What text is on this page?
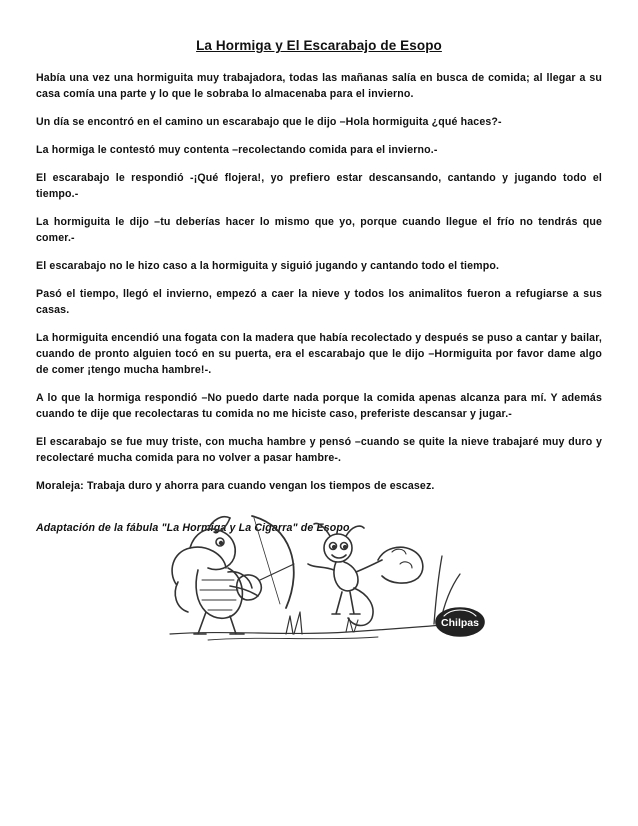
La Hormiga y El Escarabajo de Esopo

Había una vez una hormiguita muy trabajadora, todas las mañanas salía en busca de comida; al llegar a su casa comía una parte y lo que le sobraba lo almacenaba para el invierno.

Un día se encontró en el camino un escarabajo que le dijo –Hola hormiguita ¿qué haces?-

La hormiga le contestó muy contenta –recolectando comida para el invierno.-

El escarabajo le respondió -¡Qué flojera!, yo prefiero estar descansando, cantando y jugando todo el tiempo.-

La hormiguita le dijo –tu deberías hacer lo mismo que yo, porque cuando llegue el frío no tendrás que comer.-

El escarabajo no le hizo caso a la hormiguita y siguió jugando y cantando todo el tiempo.

Pasó el tiempo, llegó el invierno, empezó a caer la nieve y todos los animalitos fueron a refugiarse a sus casas.

La hormiguita encendió una fogata con la madera que había recolectado y después se puso a cantar y bailar, cuando de pronto alguien tocó en su puerta, era el escarabajo que le dijo –Hormiguita por favor dame algo de comer ¡tengo mucha hambre!-.

A lo que la hormiga respondió –No puedo darte nada porque la comida apenas alcanza para mí. Y además cuando te dije que recolectaras tu comida no me hiciste caso, preferiste descansar y jugar.-

El escarabajo se fue muy triste, con mucha hambre y pensó –cuando se quite la nieve trabajaré muy duro y recolectaré mucha comida para no volver a pasar hambre-.

Moraleja: Trabaja duro y ahorra para cuando vengan los tiempos de escasez.

Adaptación de la fábula "La Hormiga y La Cigarra" de Esopo

Chilpas
